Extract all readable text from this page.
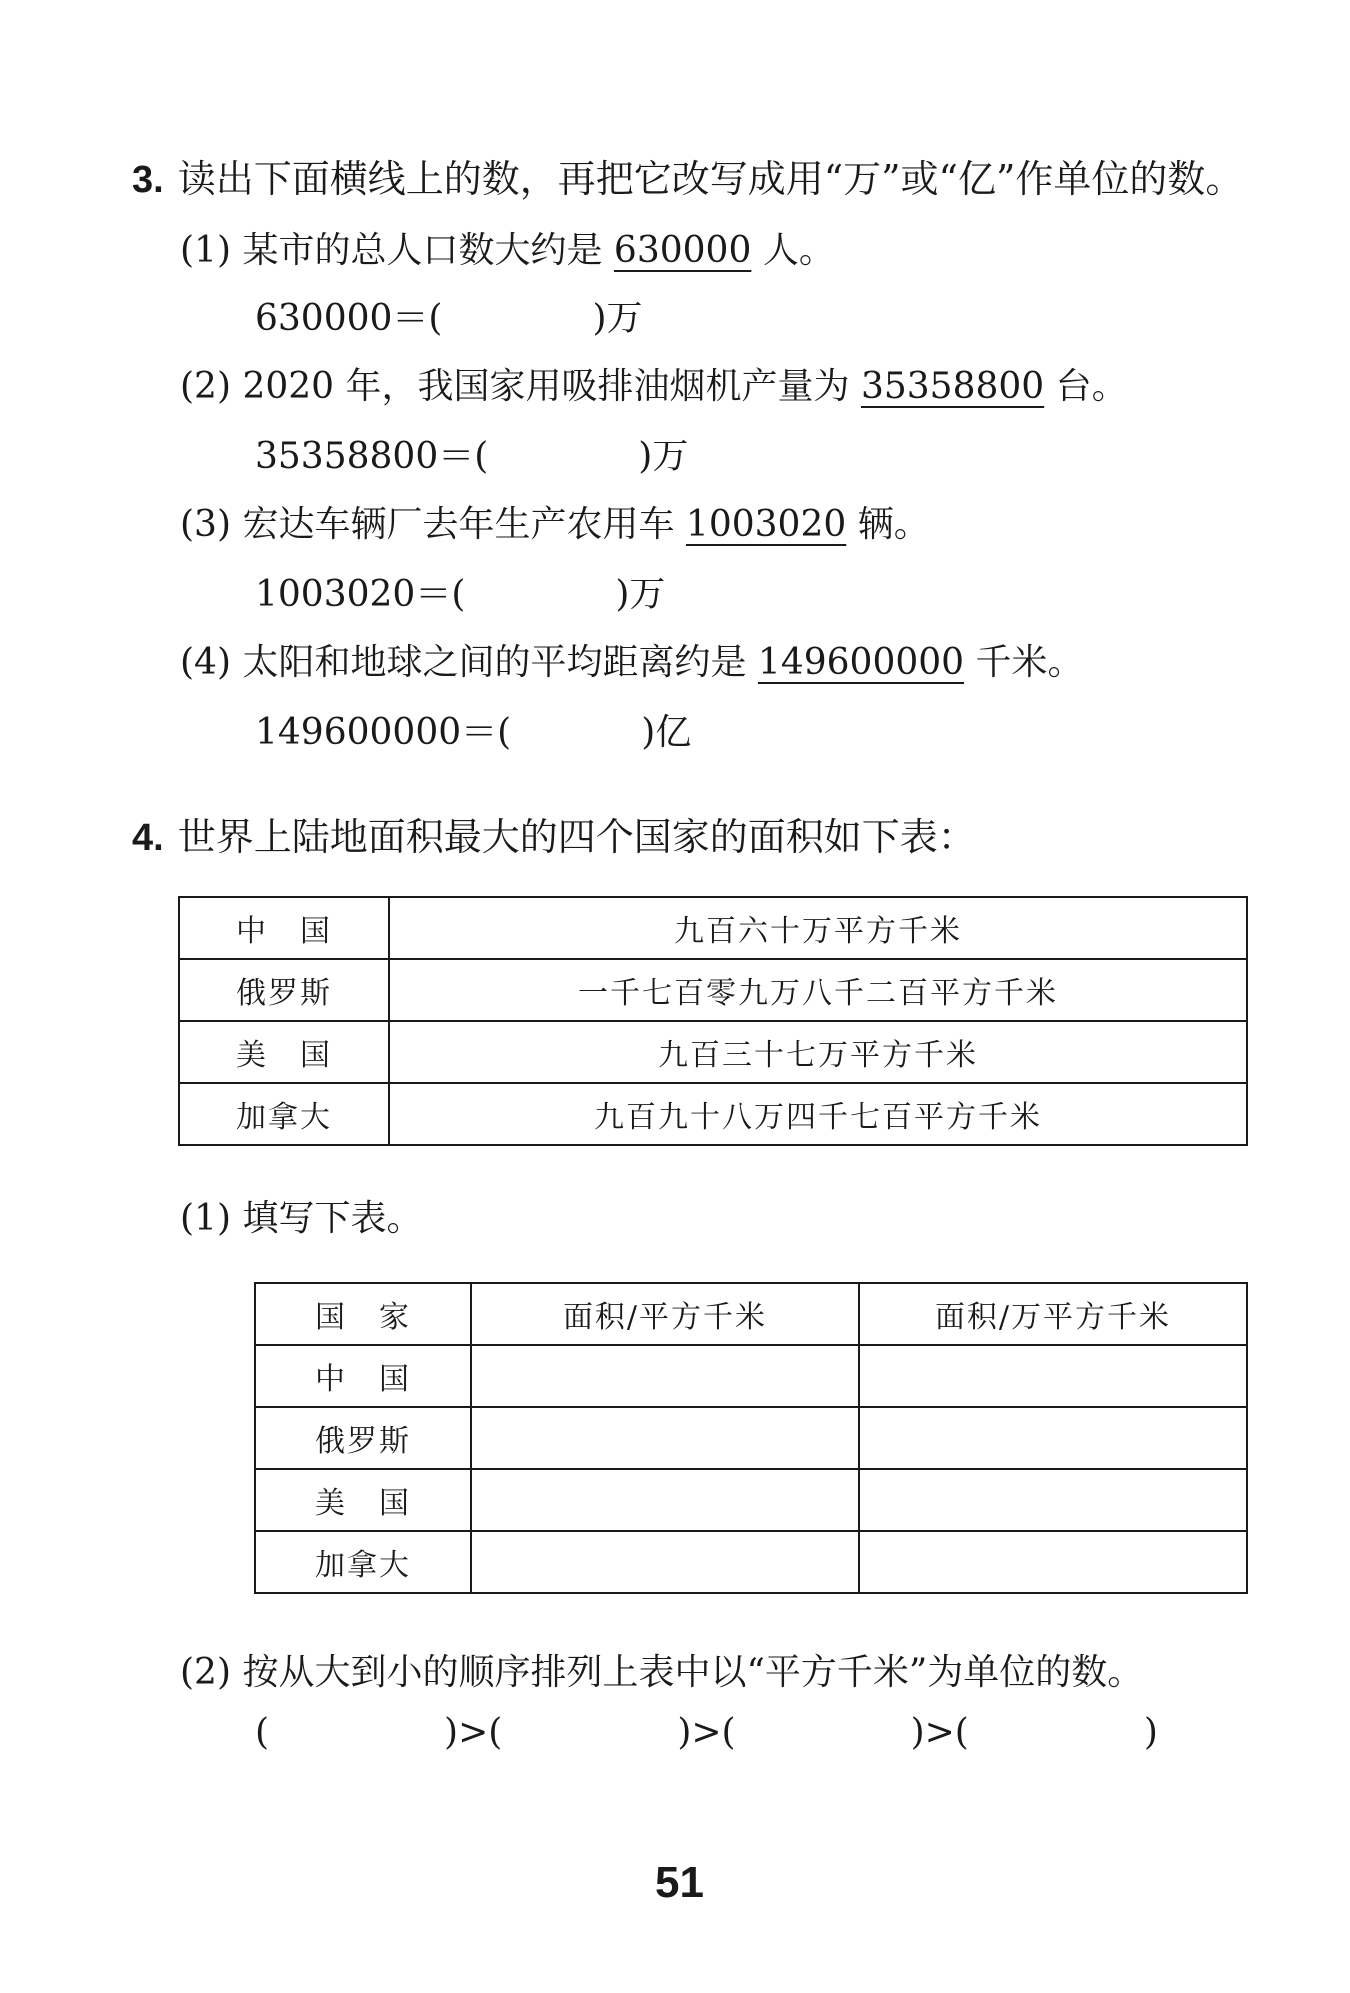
3. 读出下面横线上的数，再把它改写成用“万”或“亿”作单位的数。
(1) 某市的总人口数大约是 630000 人。
630000＝(	)万
(2) 2020 年，我国家用吸排油烟机产量为 35358800 台。
35358800＝(	)万
(3) 宏达车辆厂去年生产农用车 1003020 辆。
1003020＝(	)万
(4) 太阳和地球之间的平均距离约是 149600000 千米。
149600000＝(	)亿
4. 世界上陆地面积最大的四个国家的面积如下表：
中　国	九百六十万平方千米
俄罗斯	一千七百零九万八千二百平方千米
美　国	九百三十七万平方千米
加拿大	九百九十八万四千七百平方千米
(1) 填写下表。
国　家	面积/平方千米	面积/万平方千米
中　国		
俄罗斯		
美　国		
加拿大		
(2) 按从大到小的顺序排列上表中以“平方千米”为单位的数。
(	)>(	)>(	)>(	)
51
